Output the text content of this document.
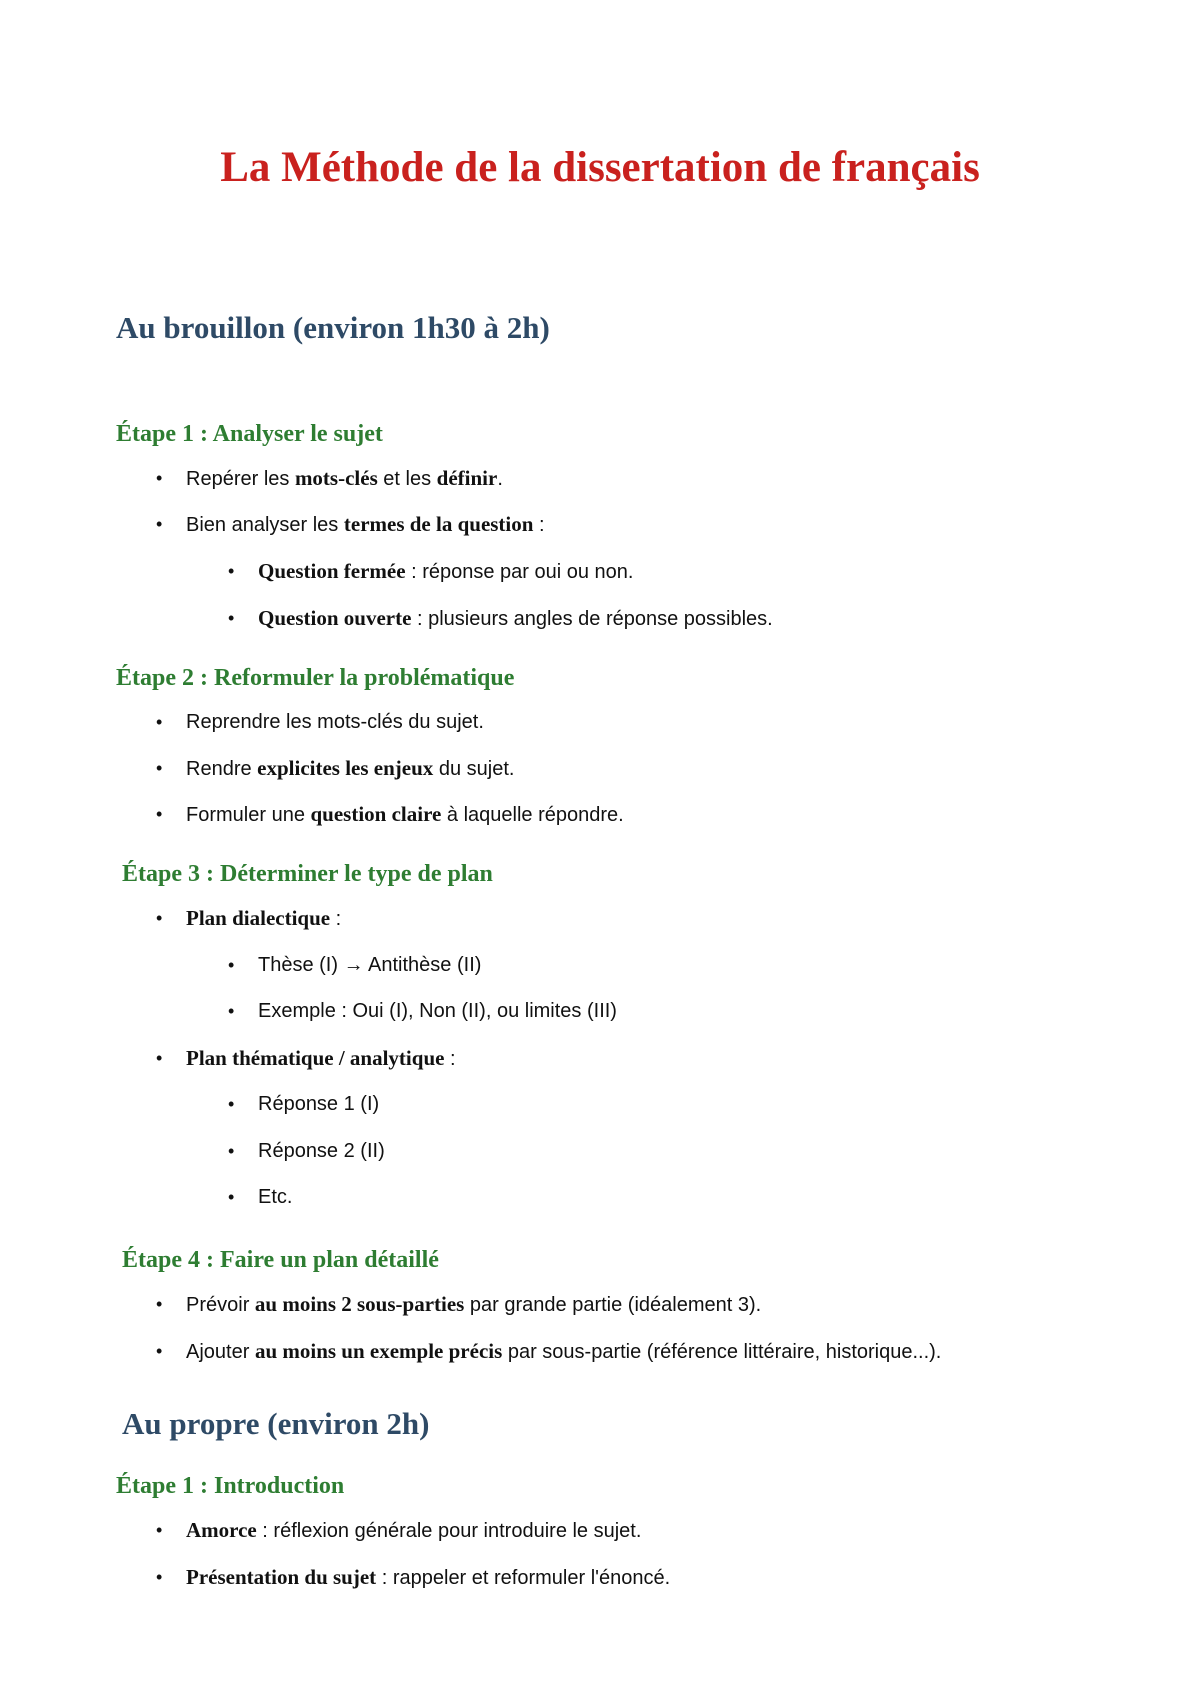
La Méthode de la dissertation de français
Au brouillon (environ 1h30 à 2h)
Étape 1 : Analyser le sujet
• Repérer les mots-clés et les définir.
• Bien analyser les termes de la question :
• Question fermée : réponse par oui ou non.
• Question ouverte : plusieurs angles de réponse possibles.
Étape 2 : Reformuler la problématique
• Reprendre les mots-clés du sujet.
• Rendre explicites les enjeux du sujet.
• Formuler une question claire à laquelle répondre.
Étape 3 : Déterminer le type de plan
• Plan dialectique :
• Thèse (I) → Antithèse (II)
• Exemple : Oui (I), Non (II), ou limites (III)
• Plan thématique / analytique :
• Réponse 1 (I)
• Réponse 2 (II)
• Etc.
Étape 4 : Faire un plan détaillé
• Prévoir au moins 2 sous-parties par grande partie (idéalement 3).
• Ajouter au moins un exemple précis par sous-partie (référence littéraire, historique...).
Au propre (environ 2h)
Étape 1 : Introduction
• Amorce : réflexion générale pour introduire le sujet.
• Présentation du sujet : rappeler et reformuler l'énoncé.
